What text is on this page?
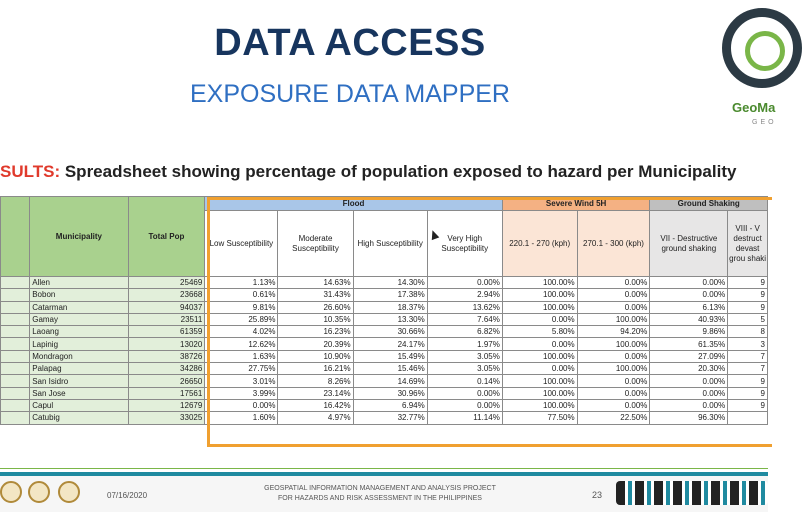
DATA ACCESS
EXPOSURE DATA MAPPER	GeoMa
GEO
SULTS: Spreadsheet showing percentage of population exposed to hazard per Municipality
	Municipality	Total Pop	Flood				Severe Wind 5H		Ground Shaking	
			Low Susceptibility	Moderate Susceptibility	High Susceptibility	Very High Susceptibility	220.1 - 270 (kph)	270.1 - 300 (kph)	VII - Destructive ground shaking	VIII - V destruct devast grou shaki
	Allen	25469	1.13%	14.63%	14.30%	0.00%	100.00%	0.00%	0.00%	9
	Bobon	23668	0.61%	31.43%	17.38%	2.94%	100.00%	0.00%	0.00%	9
	Catarman	94037	9.81%	26.60%	18.37%	13.62%	100.00%	0.00%	6.13%	9
	Gamay	23511	25.89%	10.35%	13.30%	7.64%	0.00%	100.00%	40.93%	5
	Laoang	61359	4.02%	16.23%	30.66%	6.82%	5.80%	94.20%	9.86%	8
	Lapinig	13020	12.62%	20.39%	24.17%	1.97%	0.00%	100.00%	61.35%	3
	Mondragon	38726	1.63%	10.90%	15.49%	3.05%	100.00%	0.00%	27.09%	7
	Palapag	34286	27.75%	16.21%	15.46%	3.05%	0.00%	100.00%	20.30%	7
	San Isidro	26650	3.01%	8.26%	14.69%	0.14%	100.00%	0.00%	0.00%	9
	San Jose	17561	3.99%	23.14%	30.96%	0.00%	100.00%	0.00%	0.00%	9
	Capul	12679	0.00%	16.42%	6.94%	0.00%	100.00%	0.00%	0.00%	9
	Catubig	33025	1.60%	4.97%	32.77%	11.14%	77.50%	22.50%	96.30%	
07/16/2020
GEOSPATIAL INFORMATION MANAGEMENT AND ANALYSIS PROJECT
FOR HAZARDS AND RISK ASSESSMENT IN THE PHILIPPINES	23
